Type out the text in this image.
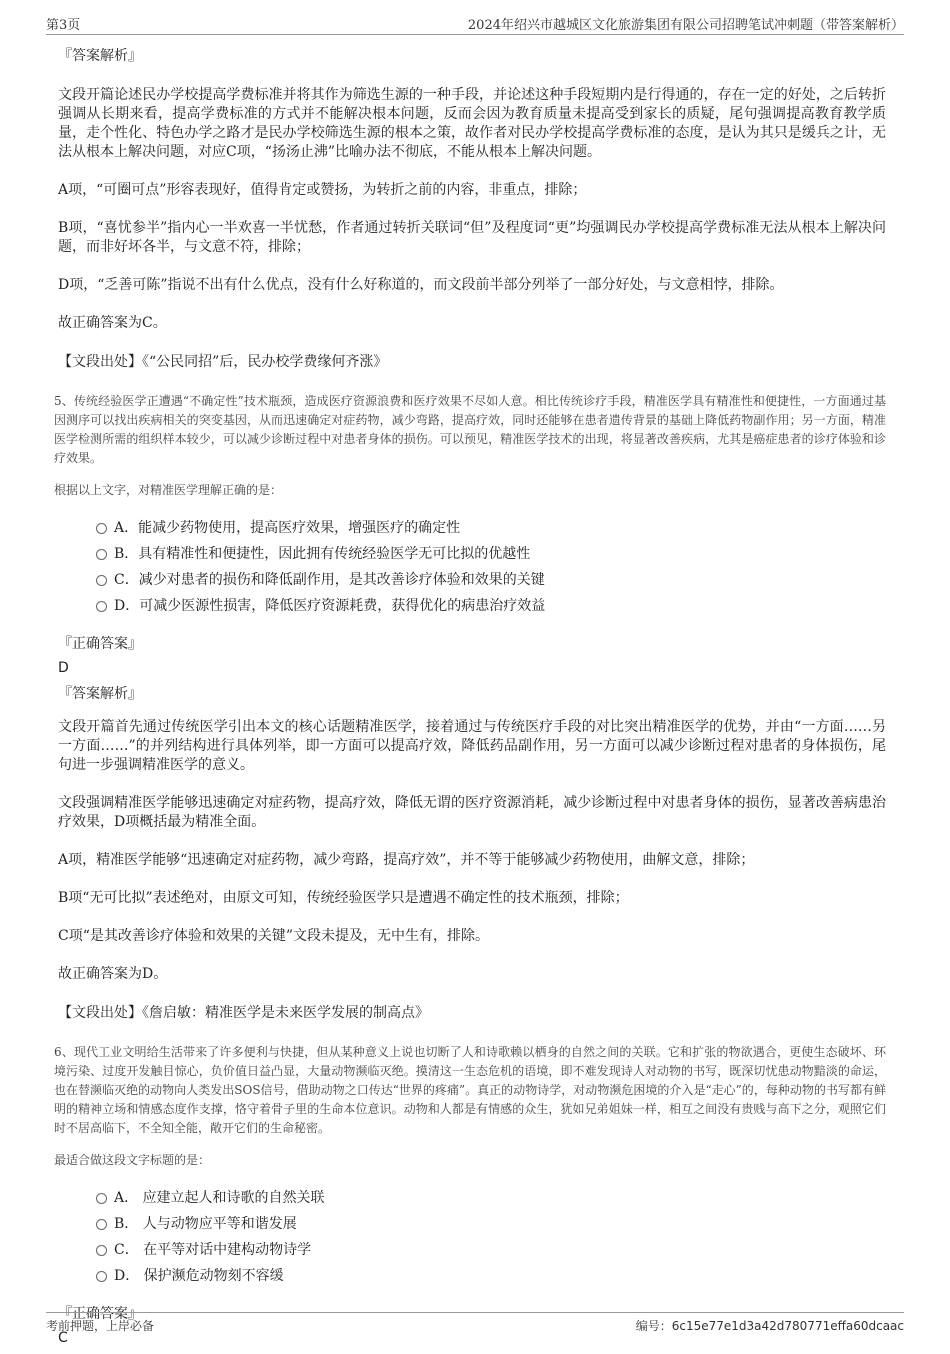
第3页	2024年绍兴市越城区文化旅游集团有限公司招聘笔试冲刺题（带答案解析）
『答案解析』

文段开篇论述民办学校提高学费标准并将其作为筛选生源的一种手段，并论述这种手段短期内是行得通的，存在一定的好处，之后转折强调从长期来看，提高学费标准的方式并不能解决根本问题，反而会因为教育质量未提高受到家长的质疑，尾句强调提高教育教学质量，走个性化、特色办学之路才是民办学校筛选生源的根本之策，故作者对民办学校提高学费标准的态度，是认为其只是缓兵之计，无法从根本上解决问题，对应C项，“扬汤止沸”比喻办法不彻底，不能从根本上解决问题。

A项，“可圈可点”形容表现好，值得肯定或赞扬，为转折之前的内容，非重点，排除；

B项，“喜忧参半”指内心一半欢喜一半忧愁，作者通过转折关联词“但”及程度词“更”均强调民办学校提高学费标准无法从根本上解决问题，而非好坏各半，与文意不符，排除；

D项，“乏善可陈”指说不出有什么优点，没有什么好称道的，而文段前半部分列举了一部分好处，与文意相悖，排除。

故正确答案为C。

【文段出处】《“公民同招”后，民办校学费缘何齐涨》

5、传统经验医学正遭遇“不确定性”技术瓶颈，造成医疗资源浪费和医疗效果不尽如人意。相比传统诊疗手段，精准医学具有精准性和便捷性，一方面通过基因测序可以找出疾病相关的突变基因，从而迅速确定对症药物，减少弯路，提高疗效，同时还能够在患者遗传背景的基础上降低药物副作用；另一方面，精准医学检测所需的组织样本较少，可以减少诊断过程中对患者身体的损伤。可以预见，精准医学技术的出现，将显著改善疾病，尤其是癌症患者的诊疗体验和诊疗效果。

根据以上文字，对精准医学理解正确的是：
A．能减少药物使用，提高医疗效果，增强医疗的确定性
B．具有精准性和便捷性，因此拥有传统经验医学无可比拟的优越性
C．减少对患者的损伤和降低副作用，是其改善诊疗体验和效果的关键
D．可减少医源性损害，降低医疗资源耗费，获得优化的病患治疗效益
『正确答案』
D
『答案解析』

文段开篇首先通过传统医学引出本文的核心话题精准医学，接着通过与传统医疗手段的对比突出精准医学的优势，并由“一方面……另一方面……”的并列结构进行具体列举，即一方面可以提高疗效，降低药品副作用，另一方面可以减少诊断过程对患者的身体损伤，尾句进一步强调精准医学的意义。

文段强调精准医学能够迅速确定对症药物，提高疗效，降低无谓的医疗资源消耗，减少诊断过程中对患者身体的损伤，显著改善病患治疗效果，D项概括最为精准全面。

A项，精准医学能够“迅速确定对症药物，减少弯路，提高疗效”，并不等于能够减少药物使用，曲解文意，排除；

B项“无可比拟”表述绝对，由原文可知，传统经验医学只是遭遇不确定性的技术瓶颈，排除；

C项“是其改善诊疗体验和效果的关键”文段未提及，无中生有，排除。

故正确答案为D。

【文段出处】《詹启敏：精准医学是未来医学发展的制高点》

6、现代工业文明给生活带来了许多便利与快捷，但从某种意义上说也切断了人和诗歌赖以栖身的自然之间的关联。它和扩张的物欲遇合，更使生态破坏、环境污染、过度开发触目惊心，负价值日益凸显，大量动物濒临灭绝。摸清这一生态危机的语境，即不难发现诗人对动物的书写，既深切忧患动物黯淡的命运，也在替濒临灭绝的动物向人类发出SOS信号，借助动物之口传达“世界的疼痛”。真正的动物诗学，对动物濒危困境的介入是“走心”的，每种动物的书写都有鲜明的精神立场和情感态度作支撑，恪守着骨子里的生命本位意识。动物和人都是有情感的众生，犹如兄弟姐妹一样，相互之间没有贵贱与高下之分，观照它们时不居高临下，不全知全能，敞开它们的生命秘密。

最适合做这段文字标题的是：
A． 应建立起人和诗歌的自然关联
B． 人与动物应平等和谐发展
C． 在平等对话中建构动物诗学
D． 保护濒危动物刻不容缓
『正确答案』
C
考前押题，上岸必备	编号：6c15e77e1d3a42d780771effa60dcaac
